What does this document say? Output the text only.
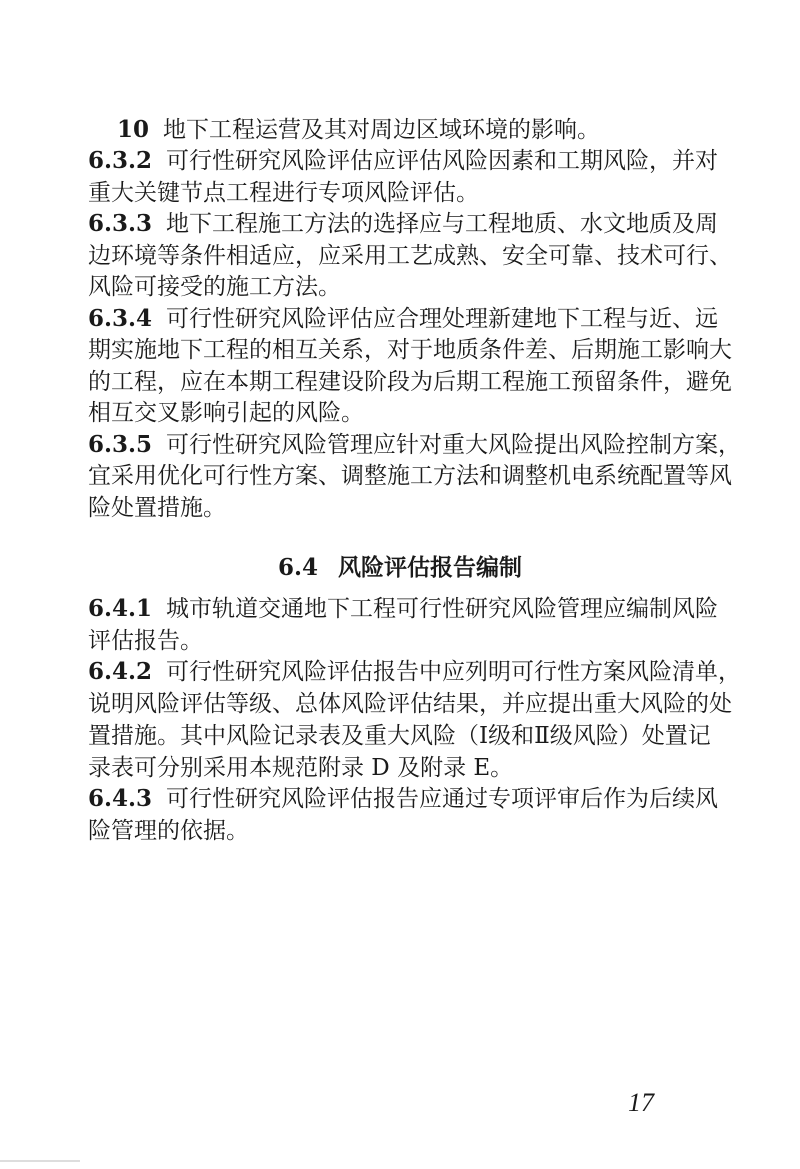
10 地下工程运营及其对周边区域环境的影响。
6.4 风险评估报告编制
17
6.3.2 可行性研究风险评估应评估风险因素和工期风险，并对
重大关键节点工程进行专项风险评估。
6.3.3 地下工程施工方法的选择应与工程地质、水文地质及周
边环境等条件相适应，应采用工艺成熟、安全可靠、技术可行、
风险可接受的施工方法。
6.3.4 可行性研究风险评估应合理处理新建地下工程与近、远
期实施地下工程的相互关系，对于地质条件差、后期施工影响大
的工程，应在本期工程建设阶段为后期工程施工预留条件，避免
相互交叉影响引起的风险。
6.3.5 可行性研究风险管理应针对重大风险提出风险控制方案，
宜采用优化可行性方案、调整施工方法和调整机电系统配置等风
险处置措施。
6.4.1 城市轨道交通地下工程可行性研究风险管理应编制风险
评估报告。
6.4.2 可行性研究风险评估报告中应列明可行性方案风险清单，
说明风险评估等级、总体风险评估结果，并应提出重大风险的处
置措施。其中风险记录表及重大风险（Ⅰ级和Ⅱ级风险）处置记
录表可分别采用本规范附录 D 及附录 E。
6.4.3 可行性研究风险评估报告应通过专项评审后作为后续风
险管理的依据。
